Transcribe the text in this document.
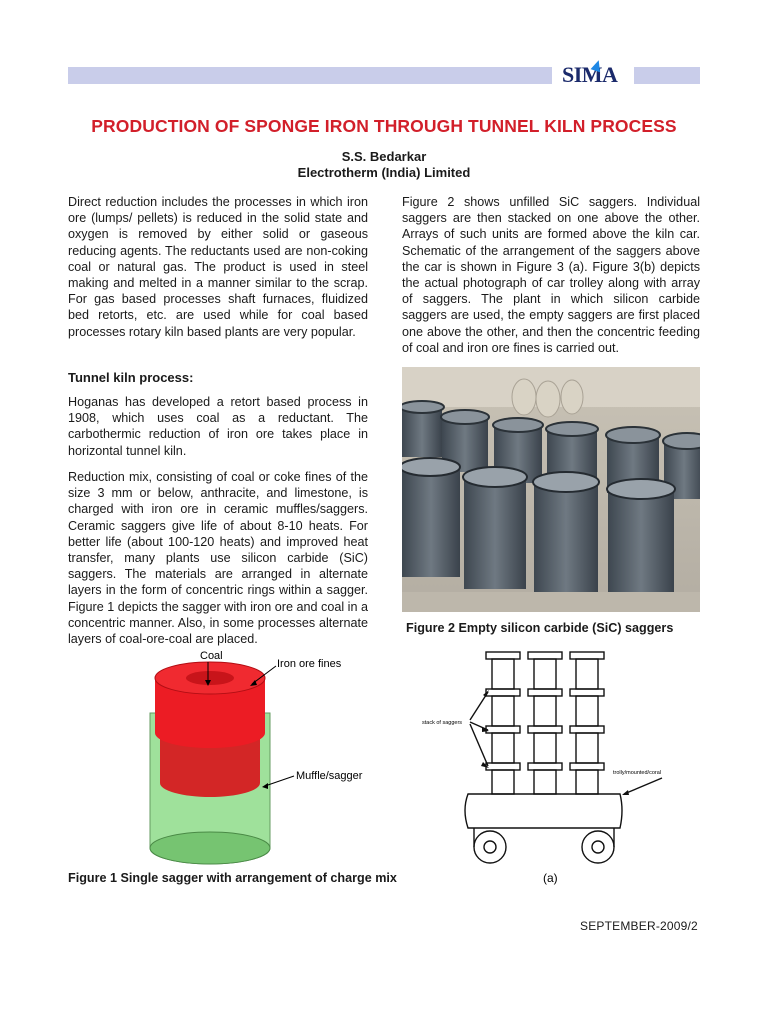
SIMA
PRODUCTION OF SPONGE IRON THROUGH TUNNEL KILN PROCESS
S.S. Bedarkar
Electrotherm (India) Limited

Direct reduction includes the processes in which iron ore (lumps/ pellets) is reduced in the solid state and oxygen is removed by either solid or gaseous reducing agents. The reductants used are non-coking coal or natural gas. The product is used in steel making and melted in a manner similar to the scrap. For gas based processes shaft furnaces, fluidized bed retorts, etc. are used while for coal based processes rotary kiln based plants are very popular.

Tunnel kiln process:

Hoganas has developed a retort based process in 1908, which uses coal as a reductant. The carbothermic reduction of iron ore takes place in horizontal tunnel kiln.

Reduction mix, consisting of coal or coke fines of the size 3 mm or below, anthracite, and limestone, is charged with iron ore in ceramic muffles/saggers. Ceramic saggers give life of about 8-10 heats. For better life (about 100-120 heats) and improved heat transfer, many plants use silicon carbide (SiC) saggers. The materials are arranged in alternate layers in the form of concentric rings within a sagger. Figure 1 depicts the sagger with iron ore and coal in a concentric manner. Also, in some processes alternate layers of coal-ore-coal are placed.

Figure 2 shows unfilled SiC saggers. Individual saggers are then stacked on one above the other. Arrays of such units are formed above the kiln car. Schematic of the arrangement of the saggers above the car is shown in Figure 3 (a). Figure 3(b) depicts the actual photograph of car trolley along with array of saggers. The plant in which silicon carbide saggers are used, the empty saggers are first placed one above the other, and then the concentric feeding of coal and iron ore fines is carried out.

Figure 2 Empty silicon carbide (SiC) saggers
Coal
Iron ore fines
Muffle/sagger
Figure 1 Single sagger with arrangement of charge mix
stack of saggers
trolly/mounted/coral
(a)
SEPTEMBER-2009/2
